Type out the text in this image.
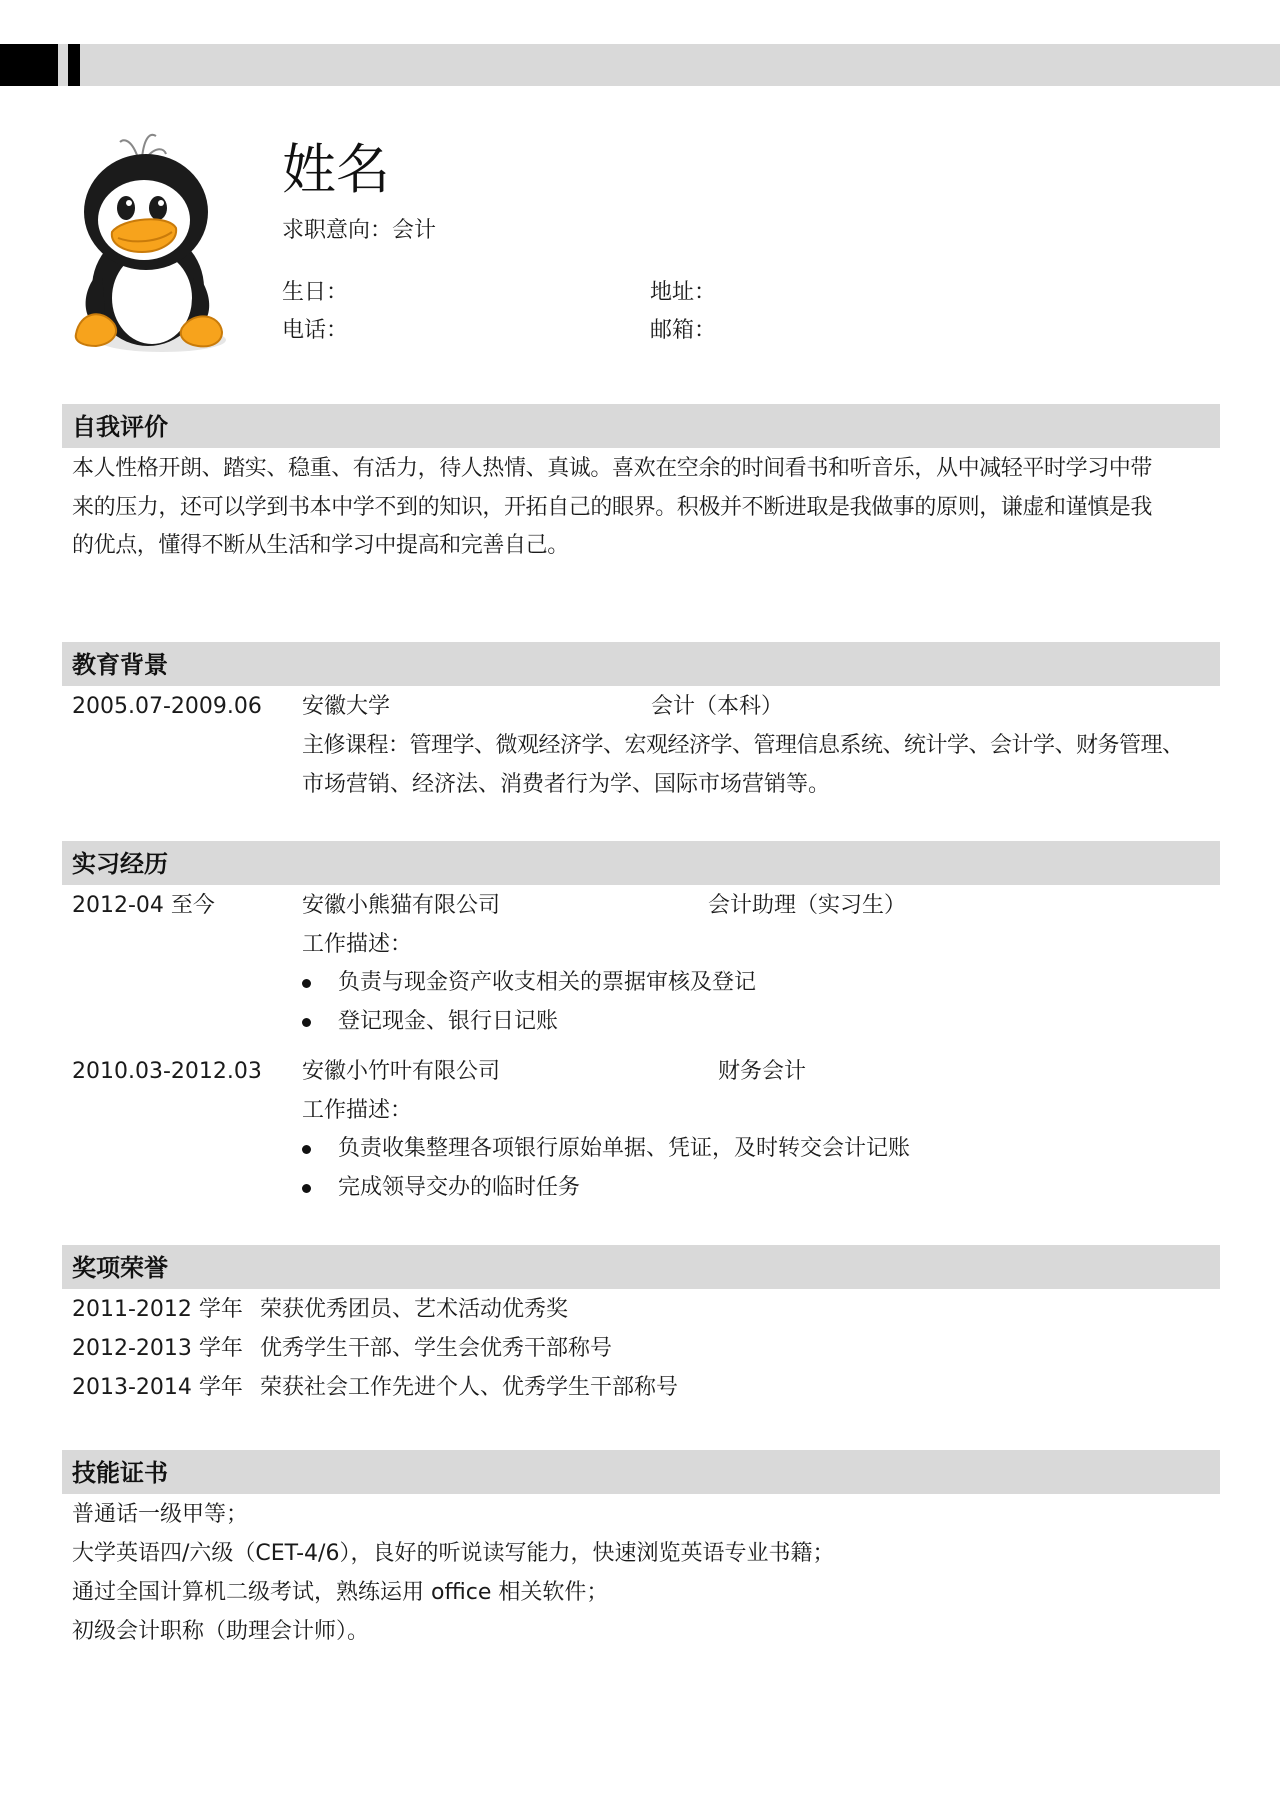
姓名
求职意向：会计
生日：	地址：
电话：	邮箱：
自我评价
本人性格开朗、踏实、稳重、有活力，待人热情、真诚。喜欢在空余的时间看书和听音乐，从中减轻平时学习中带
来的压力，还可以学到书本中学不到的知识，开拓自己的眼界。积极并不断进取是我做事的原则，谦虚和谨慎是我
的优点，懂得不断从生活和学习中提高和完善自己。
教育背景
2005.07-2009.06 安徽大学	会计（本科）
主修课程：管理学、微观经济学、宏观经济学、管理信息系统、统计学、会计学、财务管理、
市场营销、经济法、消费者行为学、国际市场营销等。
实习经历
2012-04 至今	安徽小熊猫有限公司	会计助理（实习生）
工作描述：
负责与现金资产收支相关的票据审核及登记
登记现金、银行日记账
2010.03-2012.03 安徽小竹叶有限公司	财务会计
工作描述：
负责收集整理各项银行原始单据、凭证，及时转交会计记账
完成领导交办的临时任务
奖项荣誉
2011-2012 学年 荣获优秀团员、艺术活动优秀奖
2012-2013 学年 优秀学生干部、学生会优秀干部称号
2013-2014 学年 荣获社会工作先进个人、优秀学生干部称号
技能证书
普通话一级甲等；
大学英语四/六级（CET-4/6），良好的听说读写能力，快速浏览英语专业书籍；
通过全国计算机二级考试，熟练运用 office 相关软件；
初级会计职称（助理会计师）。
